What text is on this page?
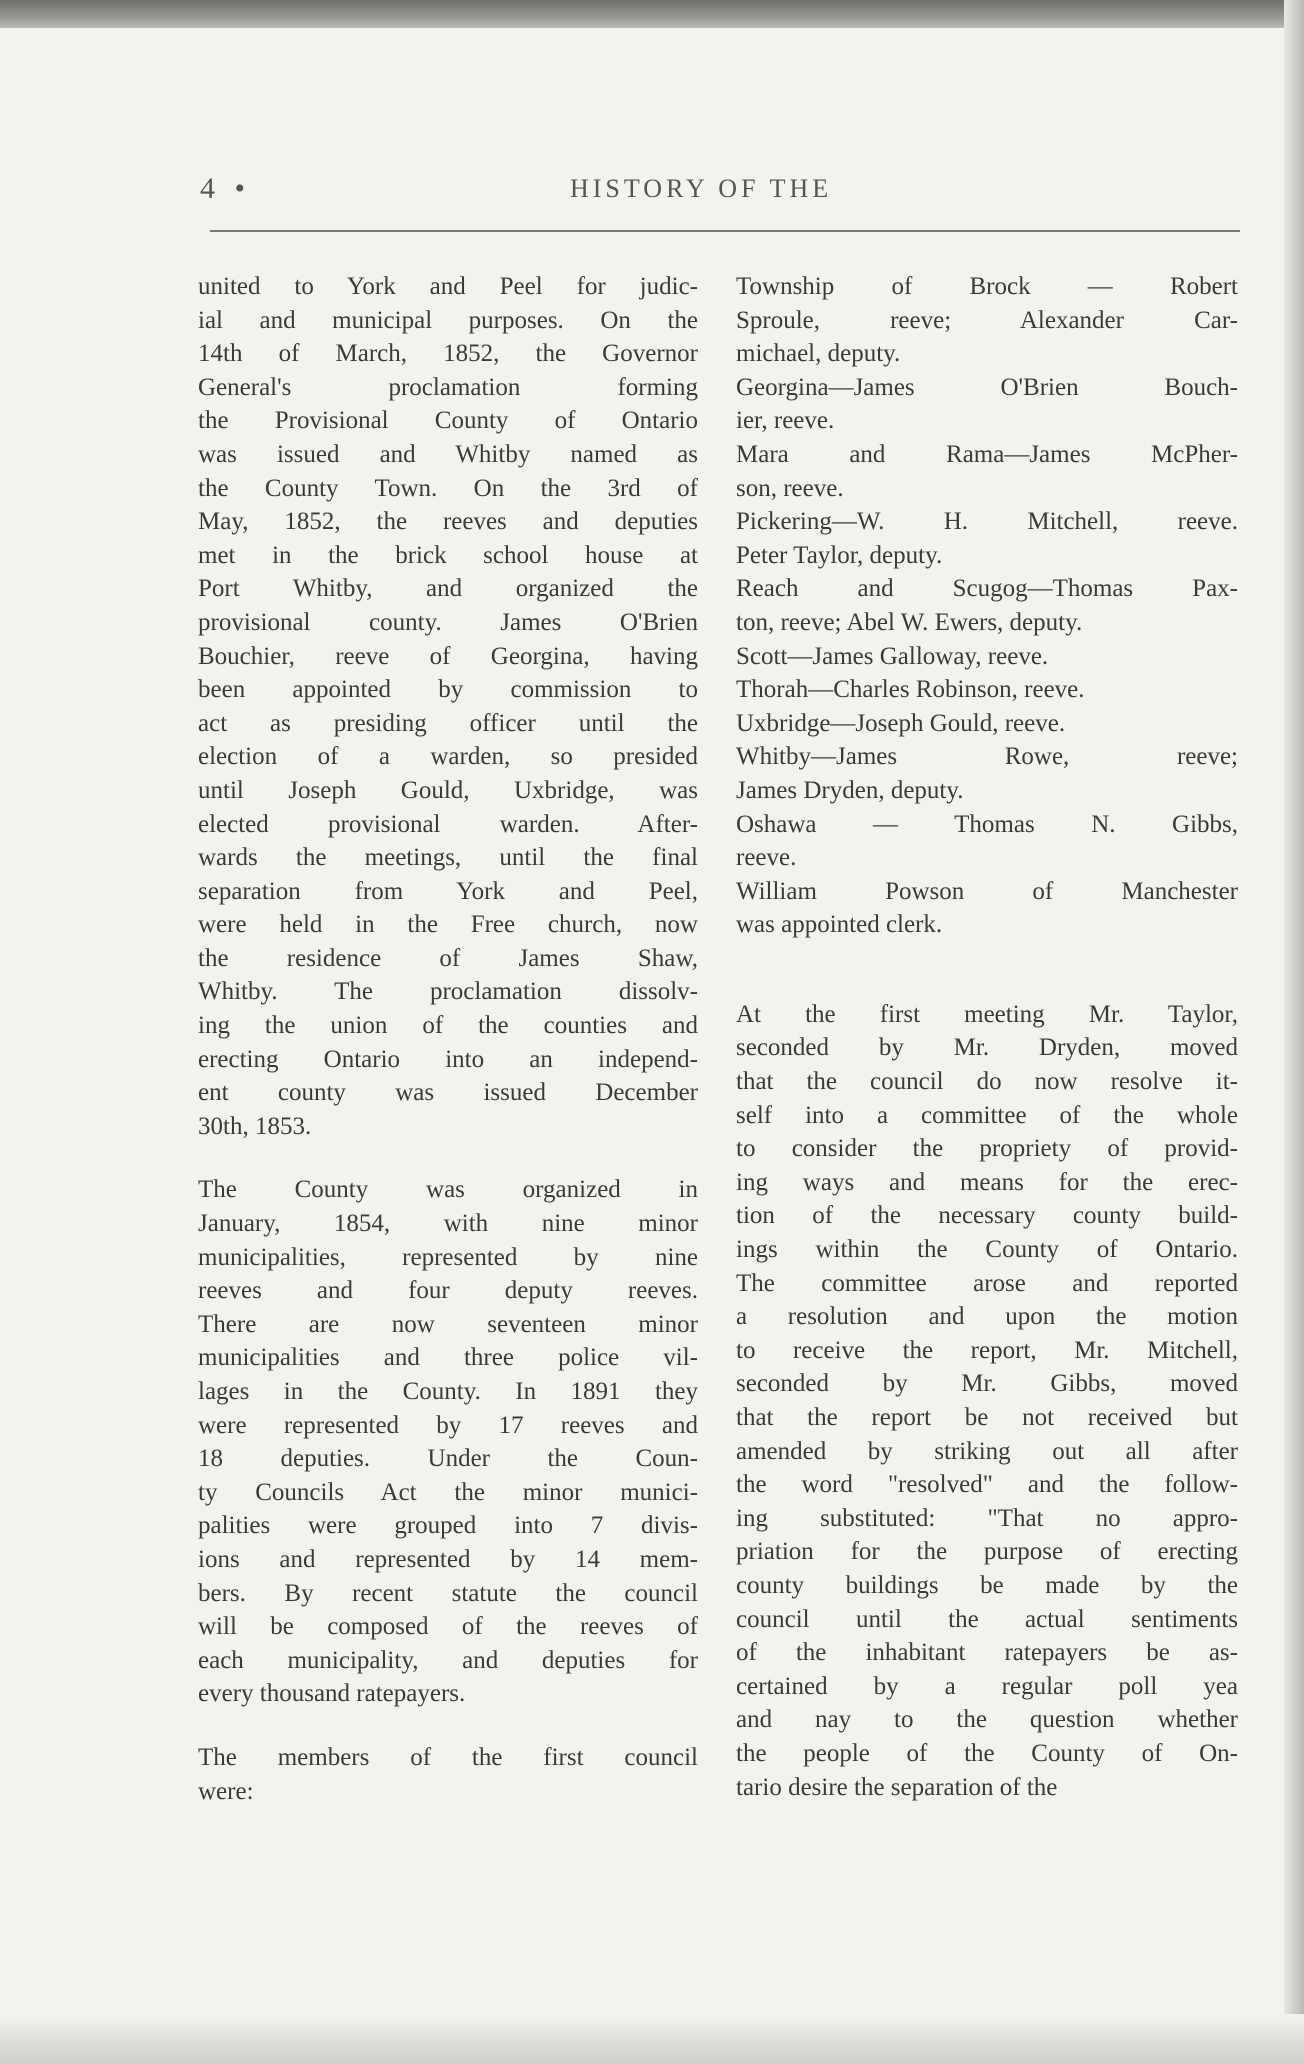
4 •	HISTORY OF THE
united to York and Peel for judic-
ial and municipal purposes. On the
14th of March, 1852, the Governor
General's proclamation forming
the Provisional County of Ontario
was issued and Whitby named as
the County Town. On the 3rd of
May, 1852, the reeves and deputies
met in the brick school house at
Port Whitby, and organized the
provisional county. James O'Brien
Bouchier, reeve of Georgina, having
been appointed by commission to
act as presiding officer until the
election of a warden, so presided
until Joseph Gould, Uxbridge, was
elected provisional warden. After-
wards the meetings, until the final
separation from York and Peel,
were held in the Free church, now
the residence of James Shaw,
Whitby. The proclamation dissolv-
ing the union of the counties and
erecting Ontario into an independ-
ent county was issued December
30th, 1853.
The County was organized in
January, 1854, with nine minor
municipalities, represented by nine
reeves and four deputy reeves.
There are now seventeen minor
municipalities and three police vil-
lages in the County. In 1891 they
were represented by 17 reeves and
18 deputies. Under the Coun-
ty Councils Act the minor munici-
palities were grouped into 7 divis-
ions and represented by 14 mem-
bers. By recent statute the council
will be composed of the reeves of
each municipality, and deputies for
every thousand ratepayers.
The members of the first council
were:
Township of Brock — Robert
Sproule, reeve; Alexander Car-
michael, deputy.
Georgina—James O'Brien Bouch-
ier, reeve.
Mara and Rama—James McPher-
son, reeve.
Pickering—W. H. Mitchell, reeve.
Peter Taylor, deputy.
Reach and Scugog—Thomas Pax-
ton, reeve; Abel W. Ewers, deputy.
Scott—James Galloway, reeve.
Thorah—Charles Robinson, reeve.
Uxbridge—Joseph Gould, reeve.
Whitby—James Rowe, reeve;
James Dryden, deputy.
Oshawa — Thomas N. Gibbs,
reeve.
William Powson of Manchester
was appointed clerk.
At the first meeting Mr. Taylor,
seconded by Mr. Dryden, moved
that the council do now resolve it-
self into a committee of the whole
to consider the propriety of provid-
ing ways and means for the erec-
tion of the necessary county build-
ings within the County of Ontario.
The committee arose and reported
a resolution and upon the motion
to receive the report, Mr. Mitchell,
seconded by Mr. Gibbs, moved
that the report be not received but
amended by striking out all after
the word "resolved" and the follow-
ing substituted: "That no appro-
priation for the purpose of erecting
county buildings be made by the
council until the actual sentiments
of the inhabitant ratepayers be as-
certained by a regular poll yea
and nay to the question whether
the people of the County of On-
tario desire the separation of the
